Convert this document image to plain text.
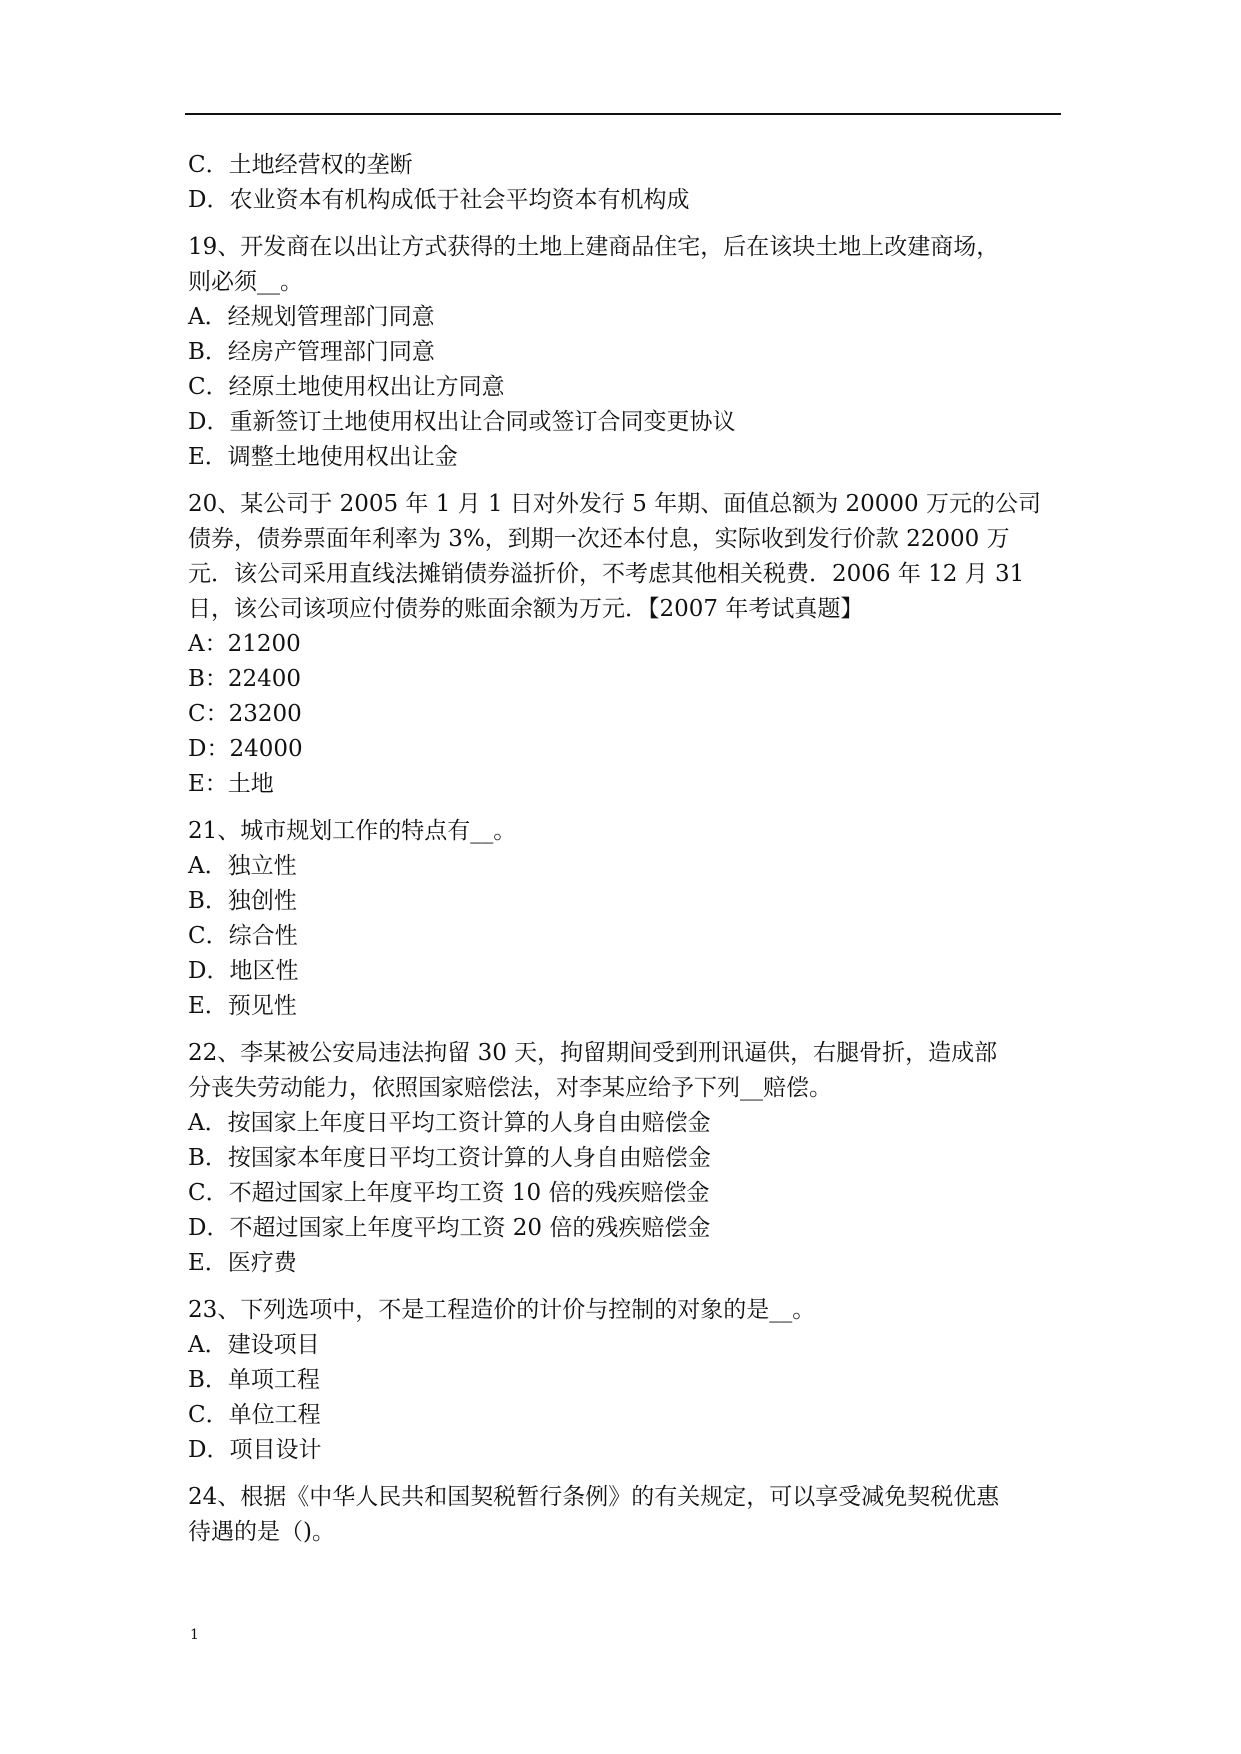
C．土地经营权的垄断
D．农业资本有机构成低于社会平均资本有机构成
19、开发商在以出让方式获得的土地上建商品住宅，后在该块土地上改建商场，
则必须__。
A．经规划管理部门同意
B．经房产管理部门同意
C．经原土地使用权出让方同意
D．重新签订土地使用权出让合同或签订合同变更协议
E．调整土地使用权出让金
20、某公司于 2005 年 1 月 1 日对外发行 5 年期、面值总额为 20000 万元的公司
债券，债券票面年利率为 3%，到期一次还本付息，实际收到发行价款 22000 万
元．该公司采用直线法摊销债券溢折价，不考虑其他相关税费．2006 年 12 月 31
日，该公司该项应付债券的账面余额为万元．【2007 年考试真题】
A：21200
B：22400
C：23200
D：24000
E：土地
21、城市规划工作的特点有__。
A．独立性
B．独创性
C．综合性
D．地区性
E．预见性
22、李某被公安局违法拘留 30 天，拘留期间受到刑讯逼供，右腿骨折，造成部
分丧失劳动能力，依照国家赔偿法，对李某应给予下列__赔偿。
A．按国家上年度日平均工资计算的人身自由赔偿金
B．按国家本年度日平均工资计算的人身自由赔偿金
C．不超过国家上年度平均工资 10 倍的残疾赔偿金
D．不超过国家上年度平均工资 20 倍的残疾赔偿金
E．医疗费
23、下列选项中，不是工程造价的计价与控制的对象的是__。
A．建设项目
B．单项工程
C．单位工程
D．项目设计
24、根据《中华人民共和国契税暂行条例》的有关规定，可以享受减免契税优惠
待遇的是（)。
1
